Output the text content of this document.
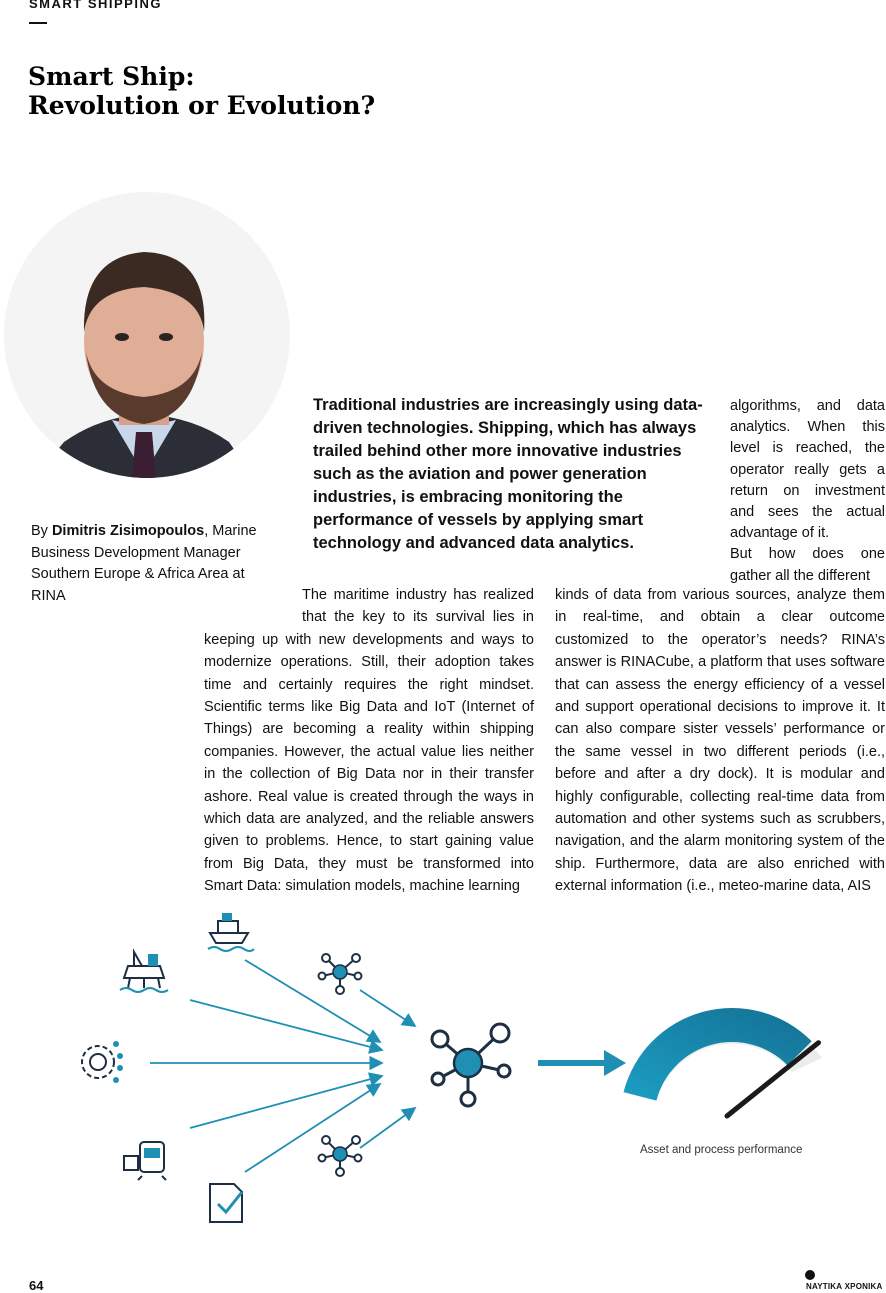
SMART SHIPPING
Smart Ship:
Revolution or Evolution?
By Dimitris Zisimopoulos, Marine Business Development Manager Southern Europe & Africa Area at RINA

Traditional industries are increasingly using data-driven technologies. Shipping, which has always trailed behind other more innovative industries such as the aviation and power generation industries, is embracing monitoring the performance of vessels by applying smart technology and advanced data analytics.

algorithms, and data analytics. When this level is reached, the operator really gets a return on investment and sees the actual advantage of it.

But how does one gather all the different

The maritime industry has realized that the key to its survival lies in keeping up with new developments and ways to modernize operations. Still, their adoption takes time and certainly requires the right mindset. Scientific terms like Big Data and IoT (Internet of Things) are becoming a reality within shipping companies. However, the actual value lies neither in the collection of Big Data nor in their transfer ashore. Real value is created through the ways in which data are analyzed, and the reliable answers given to problems. Hence, to start gaining value from Big Data, they must be transformed into Smart Data: simulation models, machine learning

kinds of data from various sources, analyze them in real-time, and obtain a clear outcome customized to the operator’s needs? RINA’s answer is RINACube, a platform that uses software that can assess the energy efficiency of a vessel and support operational decisions to improve it. It can also compare sister vessels’ performance or the same vessel in two different periods (i.e., before and after a dry dock). It is modular and highly configurable, collecting real-time data from automation and other systems such as scrubbers, navigation, and the alarm monitoring system of the ship. Furthermore, data are also enriched with external information (i.e., meteo-marine data, AIS

Asset and process performance
64	ΝΑΥΤΙΚΑ ΧΡΟΝΙΚΑ
